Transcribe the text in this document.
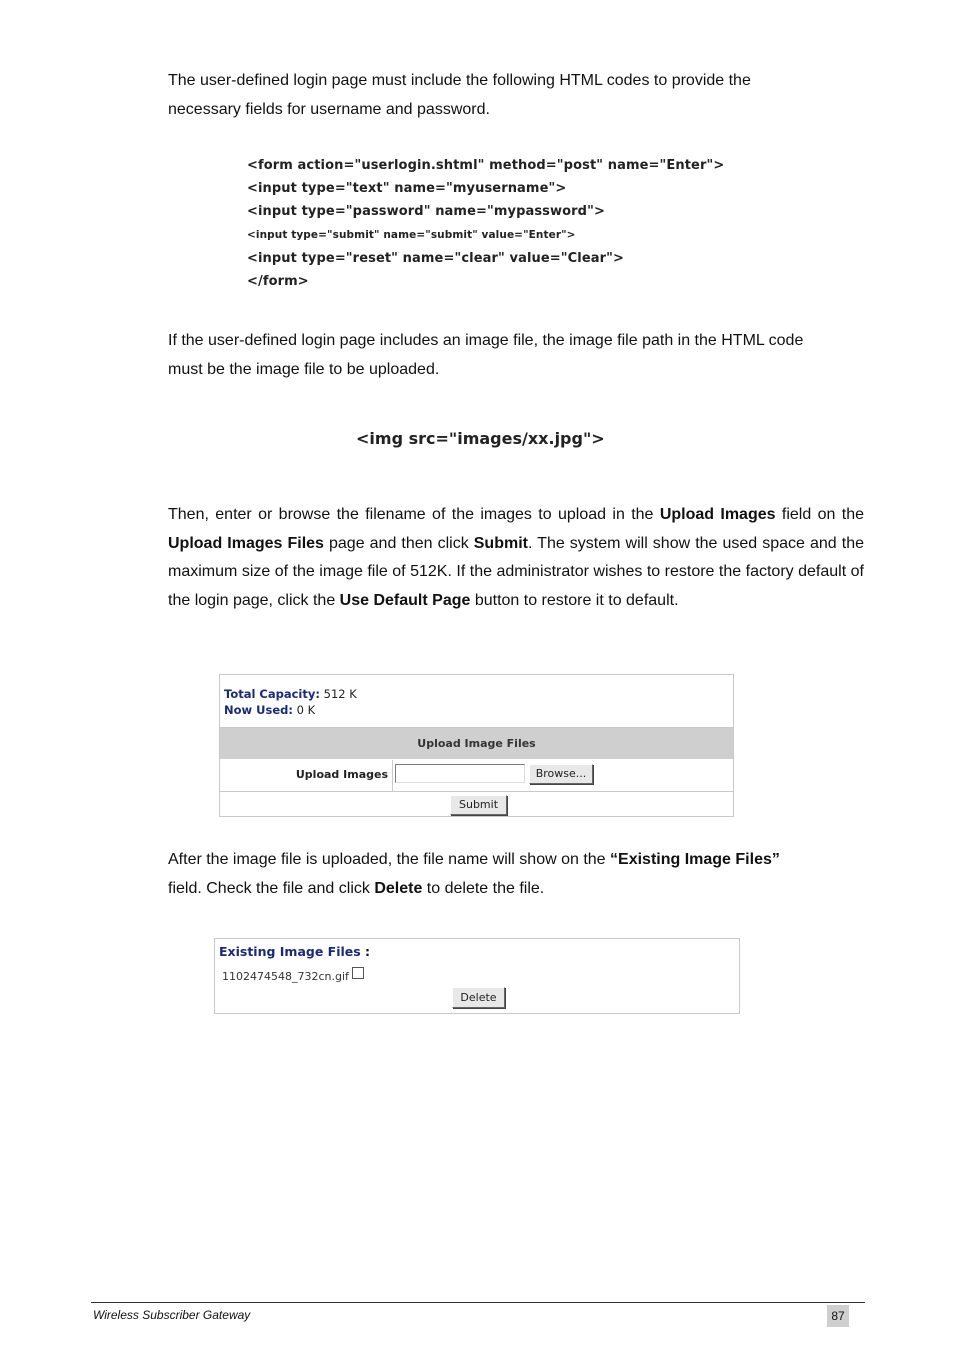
The user-defined login page must include the following HTML codes to provide the

necessary fields for username and password.

<form action="userlogin.shtml" method="post" name="Enter">
<input type="text" name="myusername">
<input type="password" name="mypassword">
<input type="submit" name="submit" value="Enter">
<input type="reset" name="clear" value="Clear">
</form>

If the user-defined login page includes an image file, the image file path in the HTML code

must be the image file to be uploaded.

<img src="images/xx.jpg">

Then, enter or browse the filename of the images to upload in the Upload Images field on the Upload Images Files page and then click Submit. The system will show the used space and the maximum size of the image file of 512K. If the administrator wishes to restore the factory default of the login page, click the Use Default Page button to restore it to default.

Total Capacity: 512 K
Now Used: 0 K
Upload Image Files
Upload Images	Browse...
Submit

After the image file is uploaded, the file name will show on the “Existing Image Files”

field. Check the file and click Delete to delete the file.

Existing Image Files :
1102474548_732cn.gif
Delete
Wireless Subscriber Gateway	87
